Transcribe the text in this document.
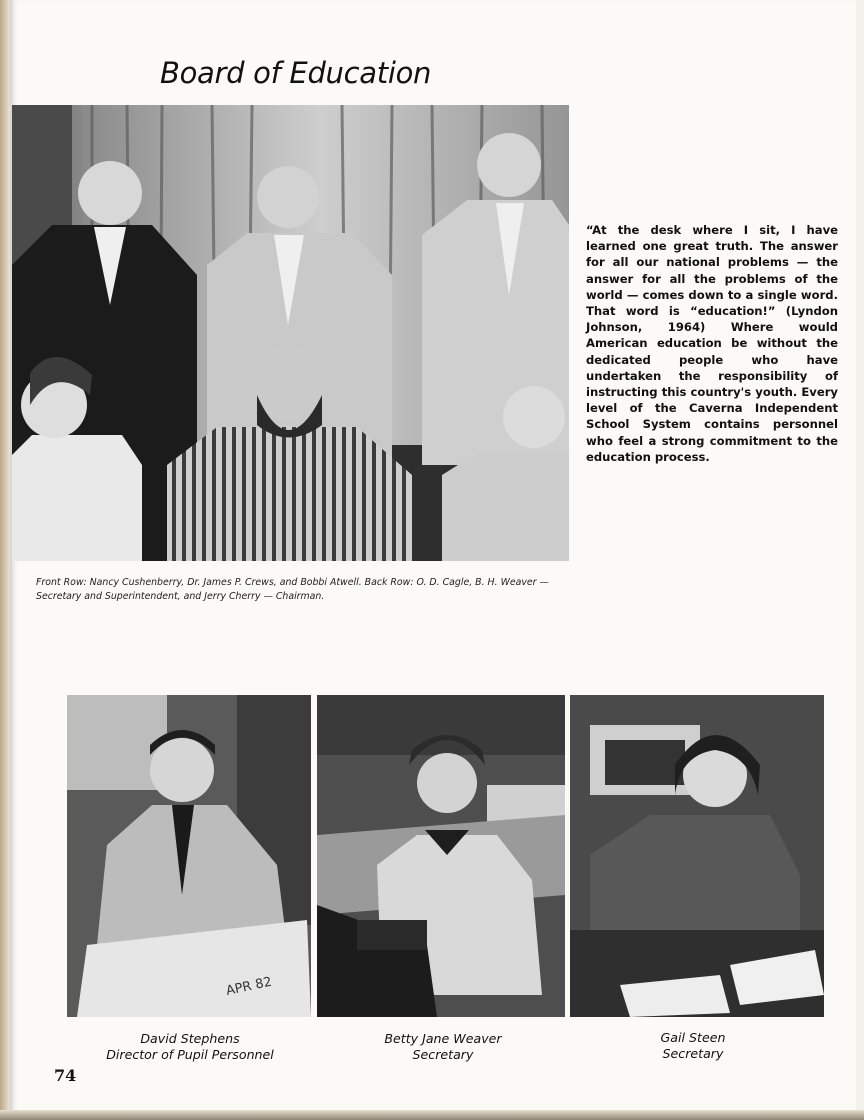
Board of Education
“At the desk where I sit, I have learned one great truth. The answer for all our national problems — the answer for all the problems of the world — comes down to a single word. That word is “education!” (Lyndon Johnson, 1964) Where would American education be without the dedicated people who have undertaken the responsibility of instructing this country's youth. Every level of the Caverna Independent School System contains personnel who feel a strong commitment to the education process.
Front Row: Nancy Cushenberry, Dr. James P. Crews, and Bobbi Atwell. Back Row: O. D. Cagle, B. H. Weaver — Secretary and Superintendent, and Jerry Cherry — Chairman.
APR 82
David Stephens
Director of Pupil Personnel
Betty Jane Weaver
Secretary
Gail Steen
Secretary
74
